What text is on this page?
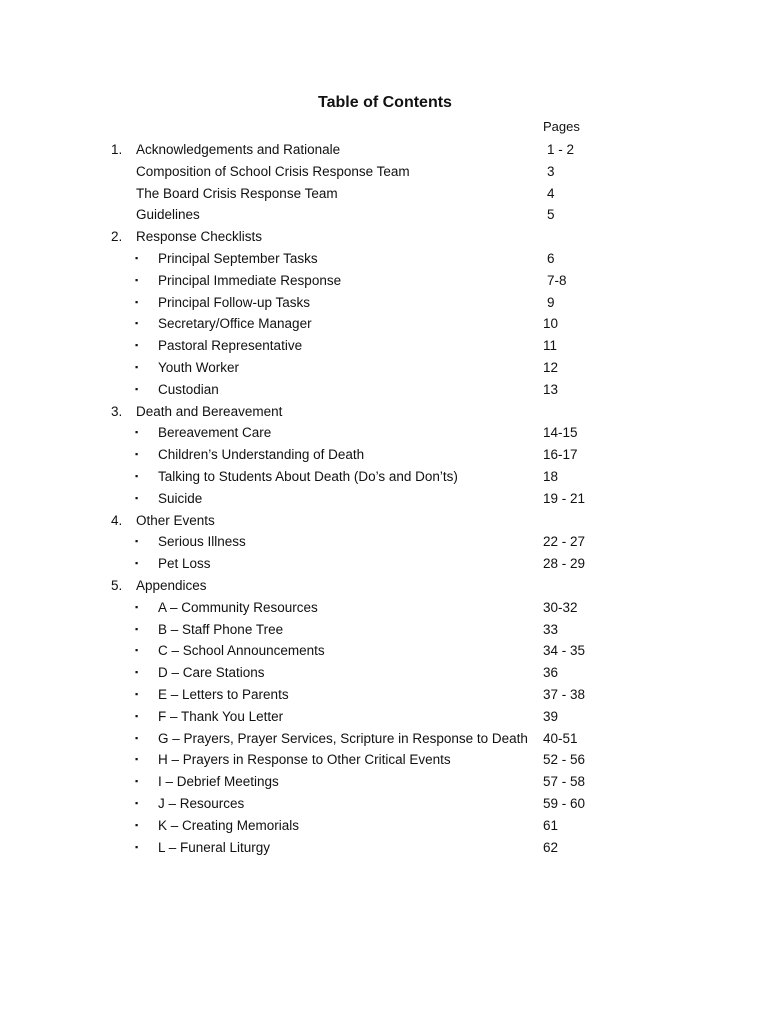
Table of Contents
Pages
1. Acknowledgements and Rationale	1 - 2
Composition of School Crisis Response Team	3
The Board Crisis Response Team	4
Guidelines	5
2. Response Checklists
▪ Principal September Tasks	6
▪ Principal Immediate Response	7-8
▪ Principal Follow-up Tasks	9
▪ Secretary/Office Manager	10
▪ Pastoral Representative	11
▪ Youth Worker	12
▪ Custodian	13
3. Death and Bereavement
▪ Bereavement Care	14-15
▪ Children’s Understanding of Death	16-17
▪ Talking to Students About Death (Do’s and Don’ts)	18
▪ Suicide	19 - 21
4. Other Events
▪ Serious Illness	22 - 27
▪ Pet Loss	28 - 29
5. Appendices
▪ A – Community Resources	30-32
▪ B – Staff Phone Tree	33
▪ C – School Announcements	34 - 35
▪ D – Care Stations	36
▪ E – Letters to Parents	37 - 38
▪ F – Thank You Letter	39
▪ G – Prayers, Prayer Services, Scripture in Response to Death 40-51
▪ H – Prayers in Response to Other Critical Events	52 - 56
▪ I – Debrief Meetings	57 - 58
▪ J – Resources	59 - 60
▪ K – Creating Memorials	61
▪ L – Funeral Liturgy	62
